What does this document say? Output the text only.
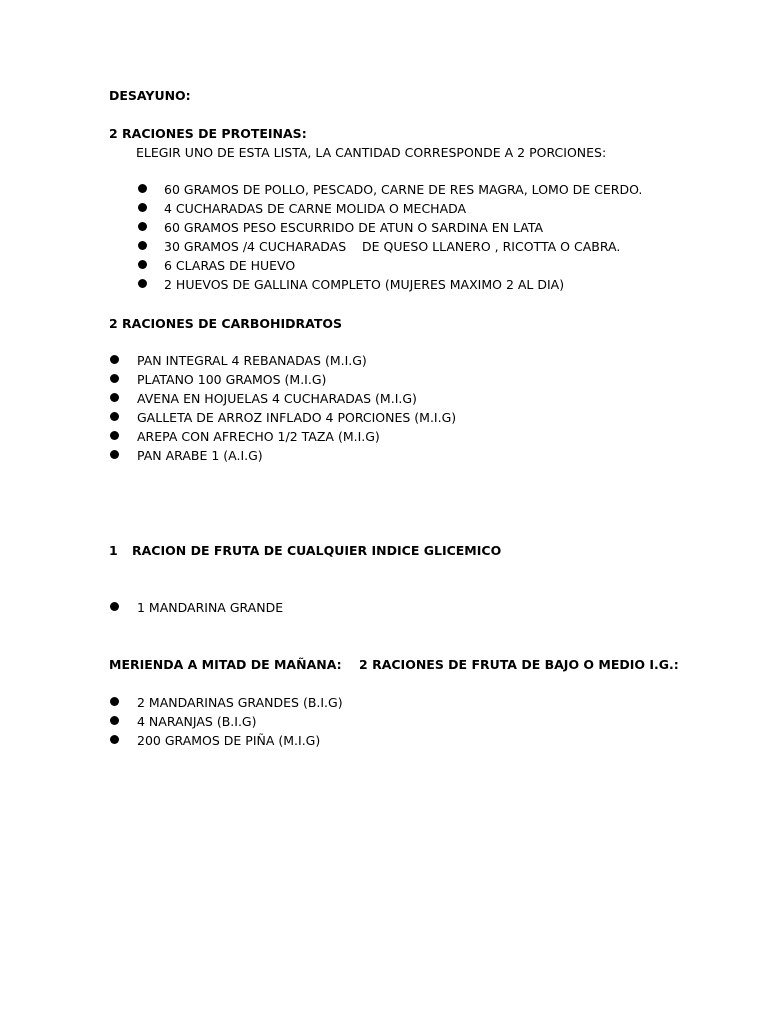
DESAYUNO:
2 RACIONES DE PROTEINAS:
ELEGIR UNO DE ESTA LISTA, LA CANTIDAD CORRESPONDE A 2 PORCIONES:
60 GRAMOS DE POLLO, PESCADO, CARNE DE RES MAGRA, LOMO DE CERDO.
4 CUCHARADAS DE CARNE MOLIDA O MECHADA
60 GRAMOS PESO ESCURRIDO DE ATUN O SARDINA EN LATA
30 GRAMOS /4 CUCHARADAS    DE QUESO LLANERO , RICOTTA O CABRA.
6 CLARAS DE HUEVO
2 HUEVOS DE GALLINA COMPLETO (MUJERES MAXIMO 2 AL DIA)
2 RACIONES DE CARBOHIDRATOS
PAN INTEGRAL 4 REBANADAS (M.I.G)
PLATANO 100 GRAMOS (M.I.G)
AVENA EN HOJUELAS 4 CUCHARADAS (M.I.G)
GALLETA DE ARROZ INFLADO 4 PORCIONES (M.I.G)
AREPA CON AFRECHO 1/2 TAZA (M.I.G)
PAN ARABE 1 (A.I.G)
1 RACION DE FRUTA DE CUALQUIER INDICE GLICEMICO
1 MANDARINA GRANDE
MERIENDA A MITAD DE MAÑANA:    2 RACIONES DE FRUTA DE BAJO O MEDIO I.G.:
2 MANDARINAS GRANDES (B.I.G)
4 NARANJAS (B.I.G)
200 GRAMOS DE PIÑA (M.I.G)
